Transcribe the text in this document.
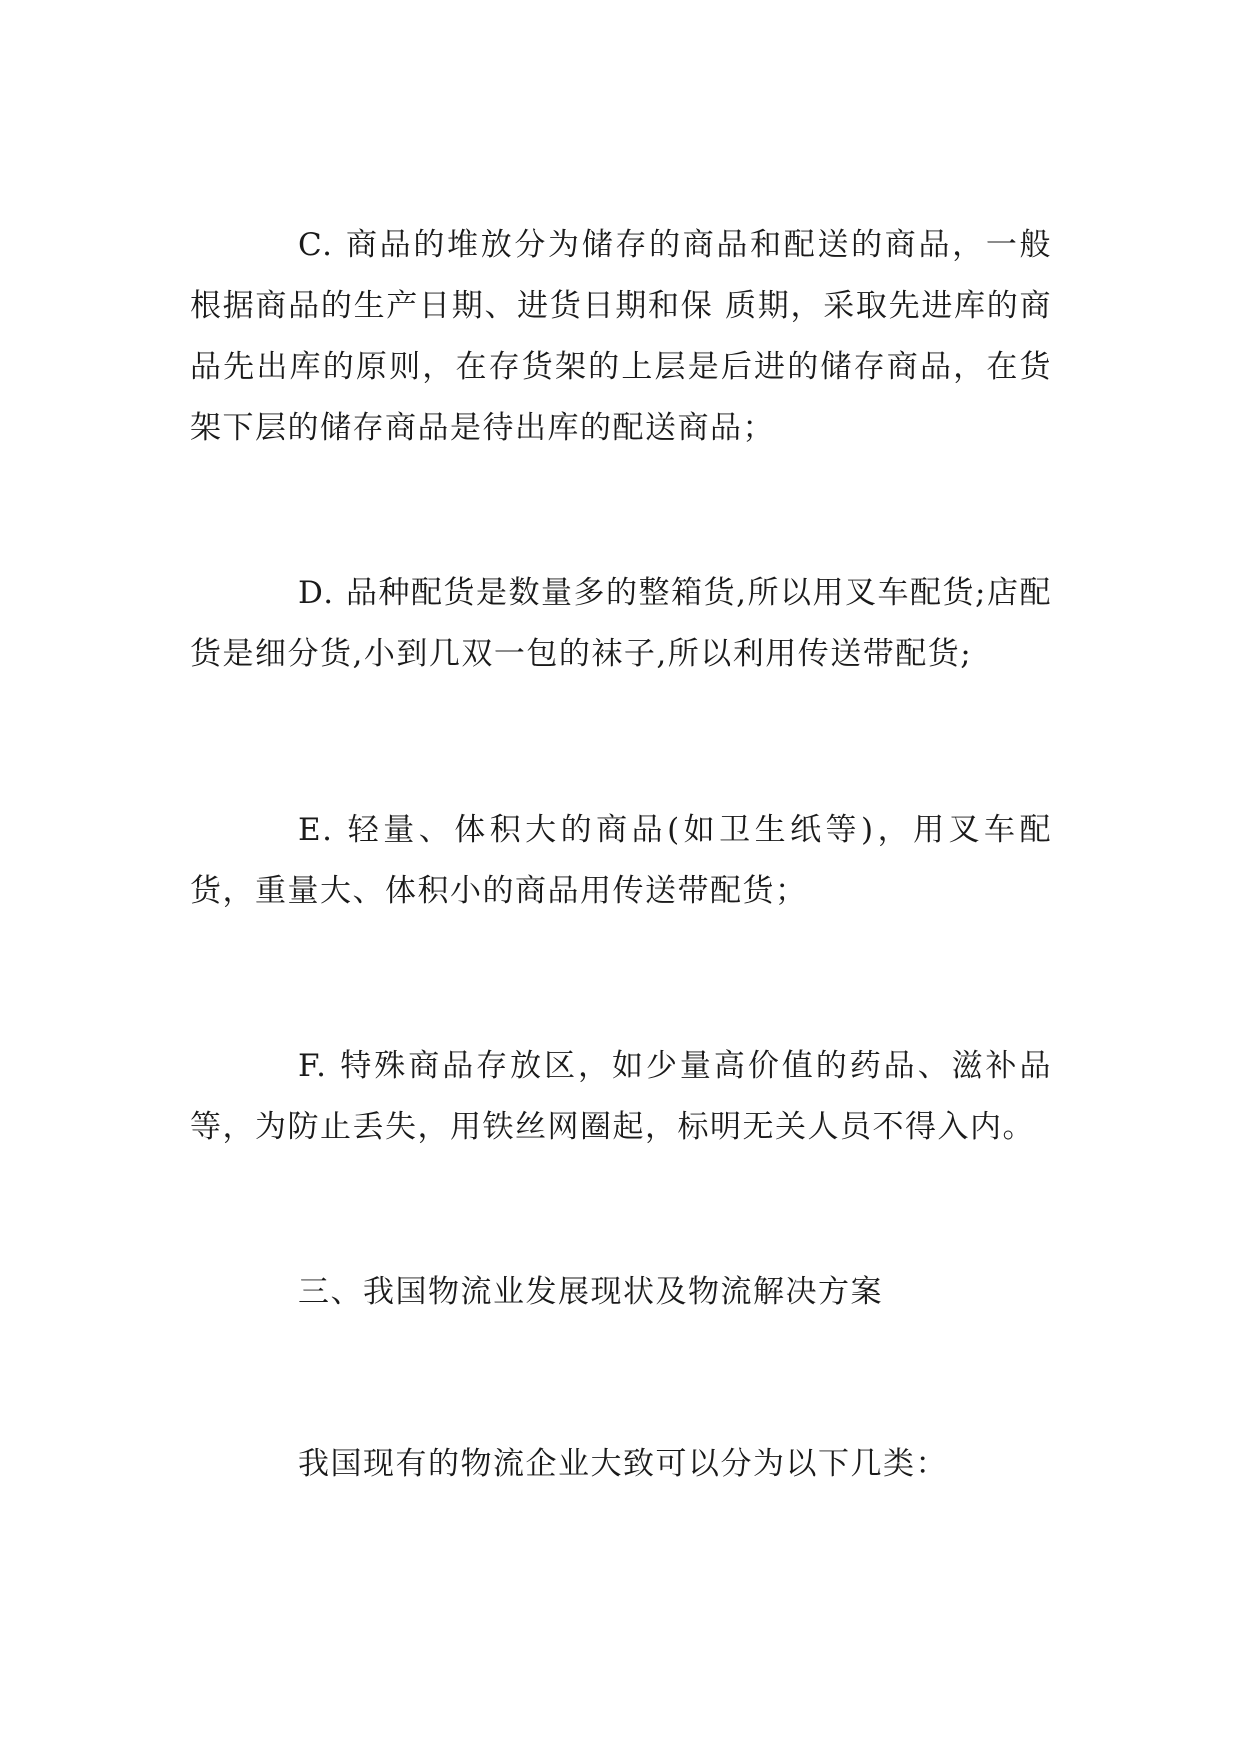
C. 商品的堆放分为储存的商品和配送的商品，一般根据商品的生产日期、进货日期和保 质期，采取先进库的商品先出库的原则，在存货架的上层是后进的储存商品，在货架下层的储存商品是待出库的配送商品；

D. 品种配货是数量多的整箱货,所以用叉车配货;店配货是细分货,小到几双一包的袜子,所以利用传送带配货;

E. 轻量、体积大的商品(如卫生纸等)，用叉车配货，重量大、体积小的商品用传送带配货；

F. 特殊商品存放区，如少量高价值的药品、滋补品等，为防止丢失，用铁丝网圈起，标明无关人员不得入内。

三、我国物流业发展现状及物流解决方案

我国现有的物流企业大致可以分为以下几类：
